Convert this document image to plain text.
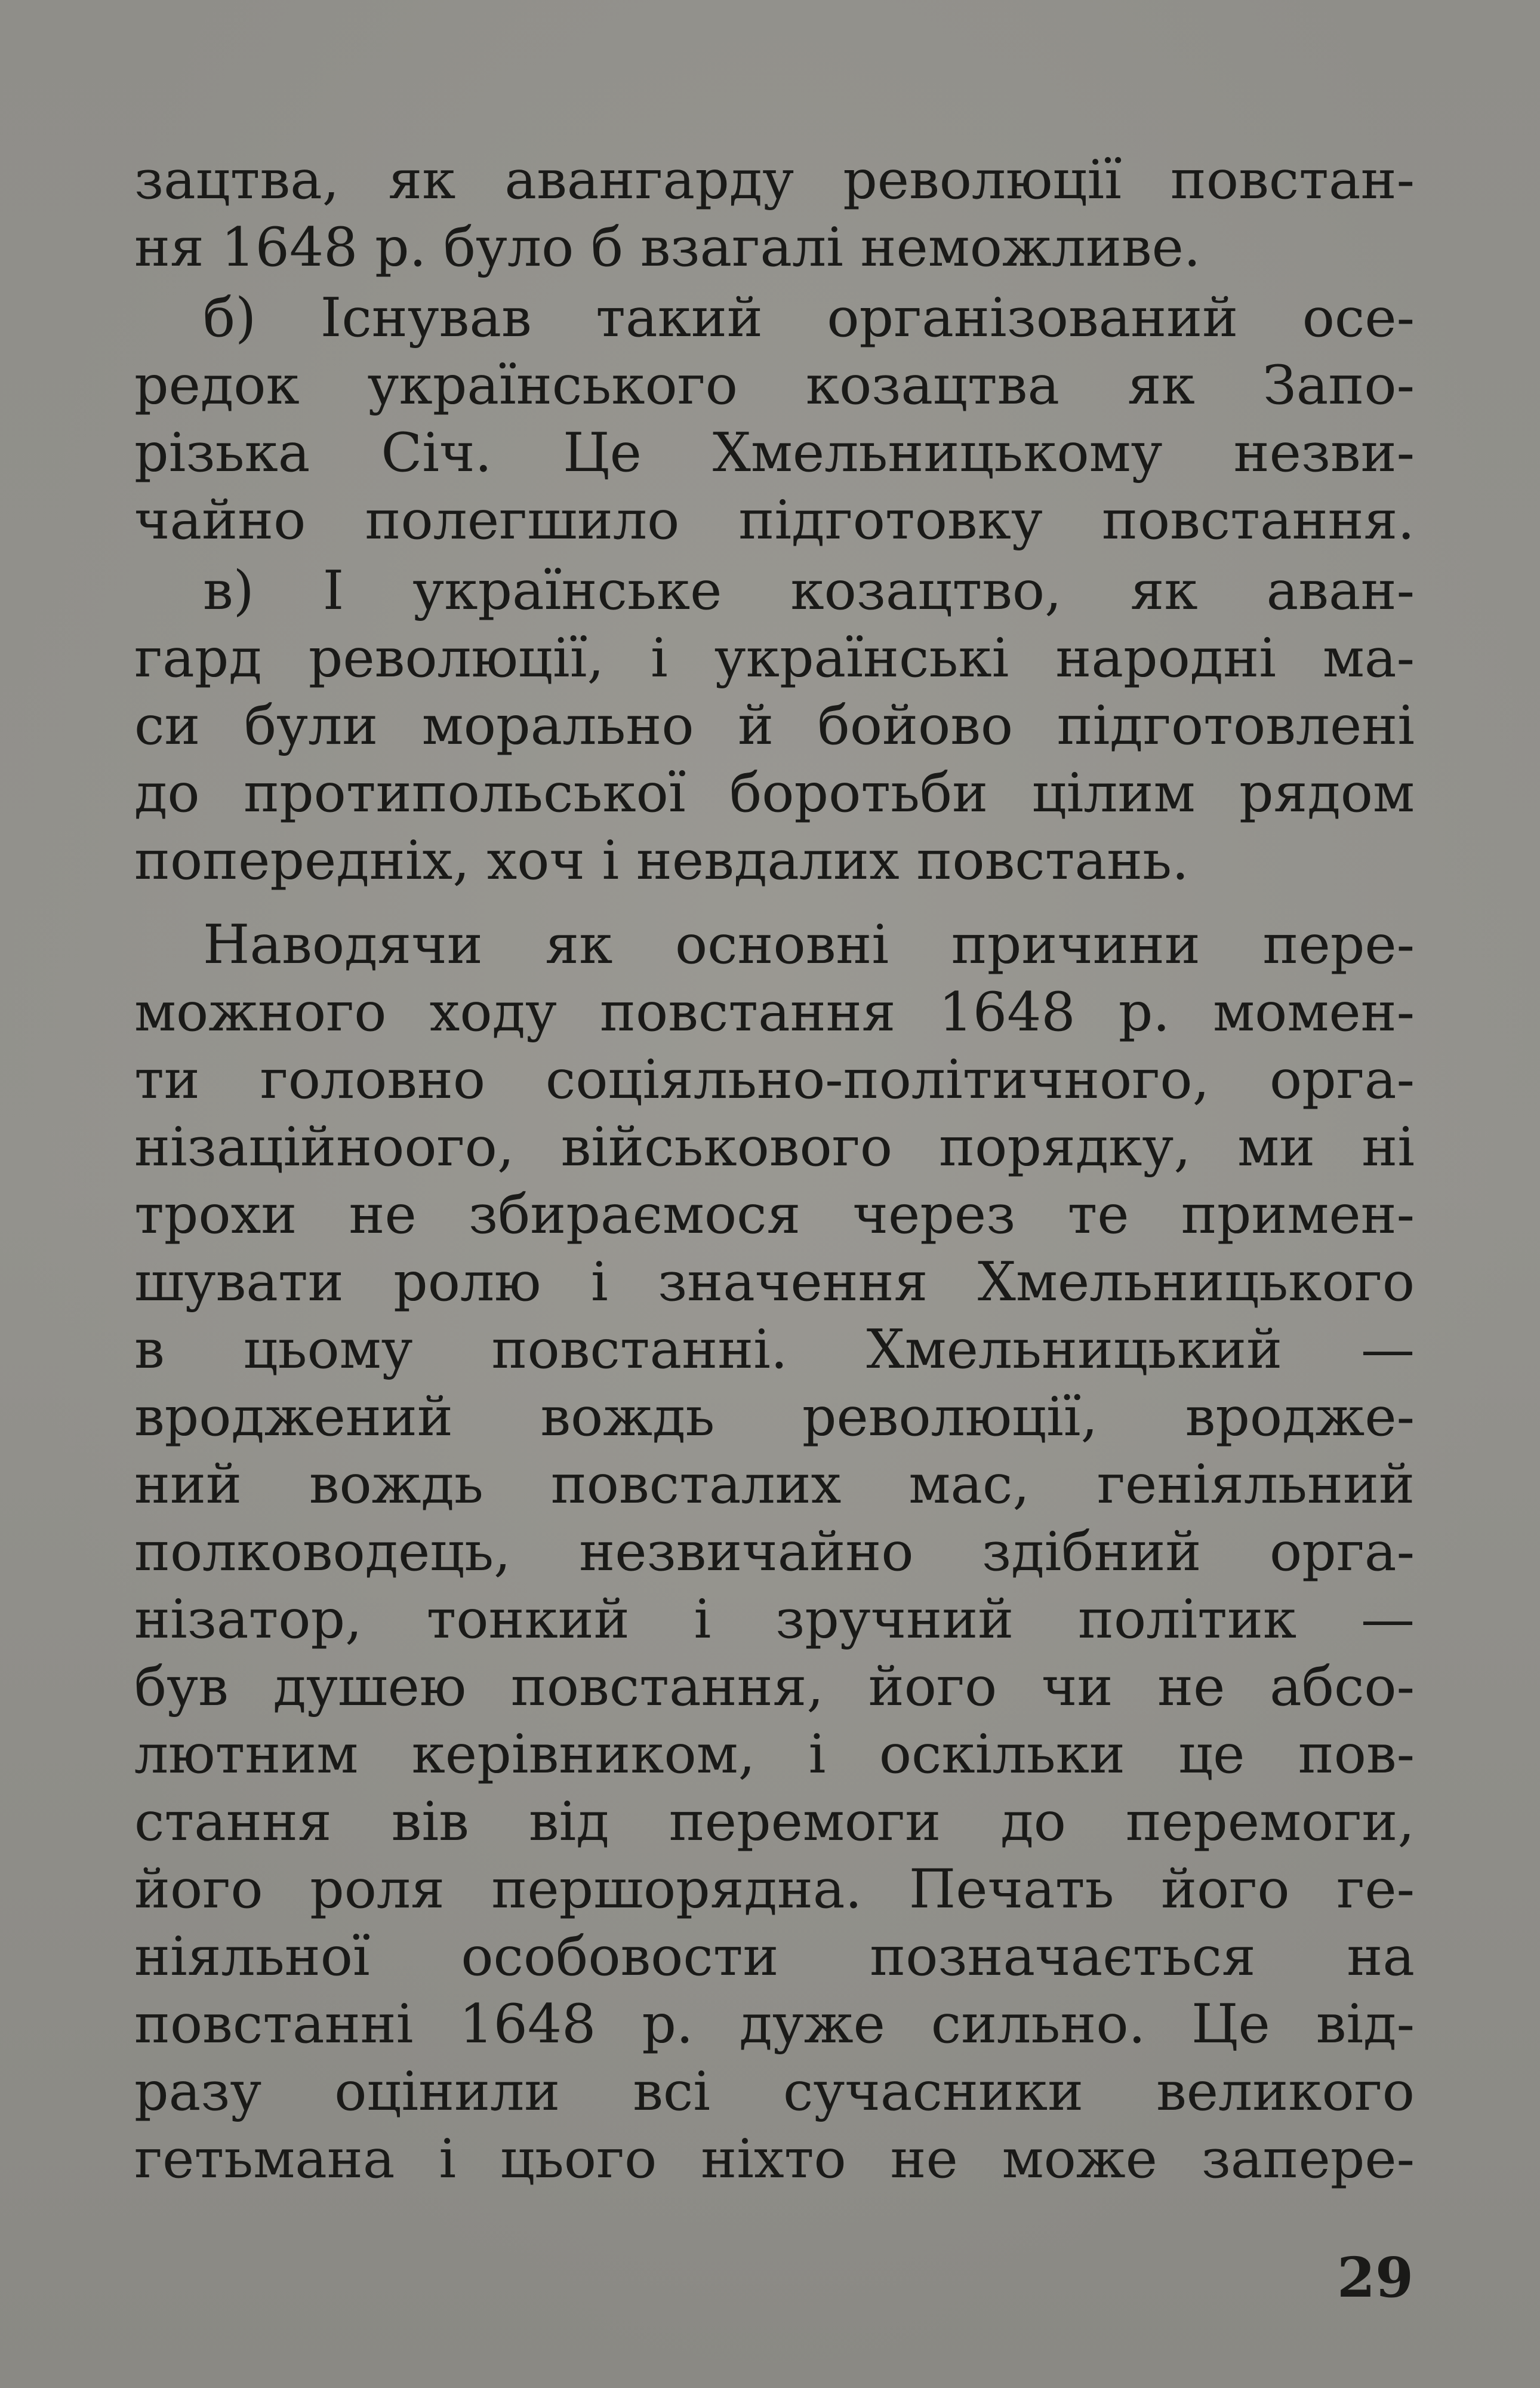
зацтва, як авангарду революції повстан-
ня 1648 р. було б взагалі неможливе.
б) Існував такий організований осе-
редок українського козацтва як Запо-
різька Січ. Це Хмельницькому незви-
чайно полегшило підготовку повстання.
в) І українське козацтво, як аван-
гард революції, і українські народні ма-
си були морально й бойово підготовлені
до протипольської боротьби цілим рядом
попередніх, хоч і невдалих повстань.
Наводячи як основні причини пере-
можного ходу повстання 1648 р. момен-
ти головно соціяльно-політичного, орга-
нізаційноого, військового порядку, ми ні
трохи не збираємося через те примен-
шувати ролю і значення Хмельницького
в цьому повстанні. Хмельницький —
вроджений вождь революції, вродже-
ний вождь повсталих мас, геніяльний
полководець, незвичайно здібний орга-
нізатор, тонкий і зручний політик —
був душею повстання, його чи не абсо-
лютним керівником, і оскільки це пов-
стання вів від перемоги до перемоги,
його роля першорядна. Печать його ге-
ніяльної особовости позначається на
повстанні 1648 р. дуже сильно. Це від-
разу оцінили всі сучасники великого
гетьмана і цього ніхто не може запере-
29
